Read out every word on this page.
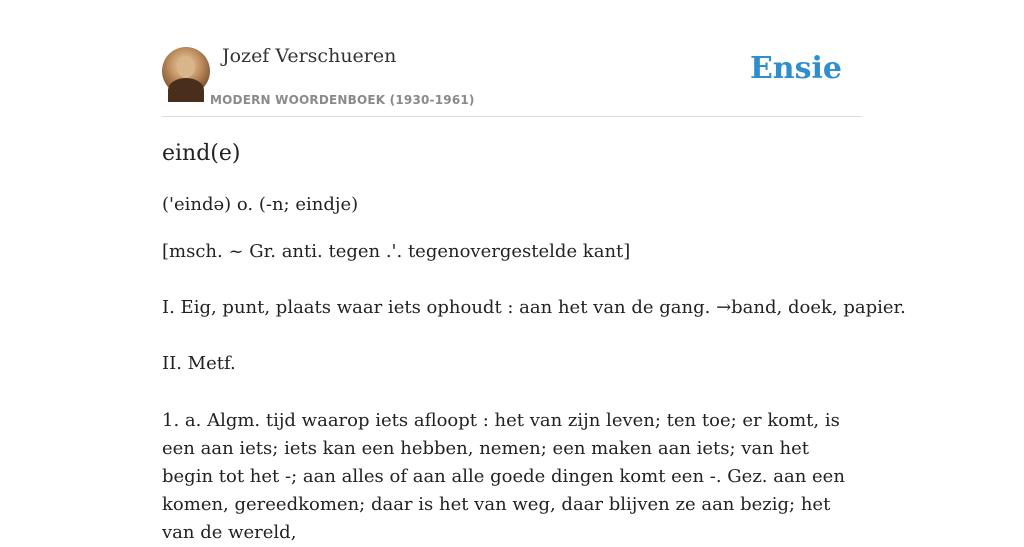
Jozef Verschueren
MODERN WOORDENBOEK (1930-1961)
Ensie
eind(e)

('eində) o. (-n; eindje)

[msch. ~ Gr. anti. tegen .'. tegenovergestelde kant]

I. Eig, punt, plaats waar iets ophoudt : aan het van de gang. →band, doek, papier.

II. Metf.

1. a. Algm. tijd waarop iets afloopt : het van zijn leven; ten toe; er komt, is een aan iets; iets kan een hebben, nemen; een maken aan iets; van het begin tot het -; aan alles of aan alle goede dingen komt een -. Gez. aan een komen, gereedkomen; daar is het van weg, daar blijven ze aan bezig; het van de wereld,
